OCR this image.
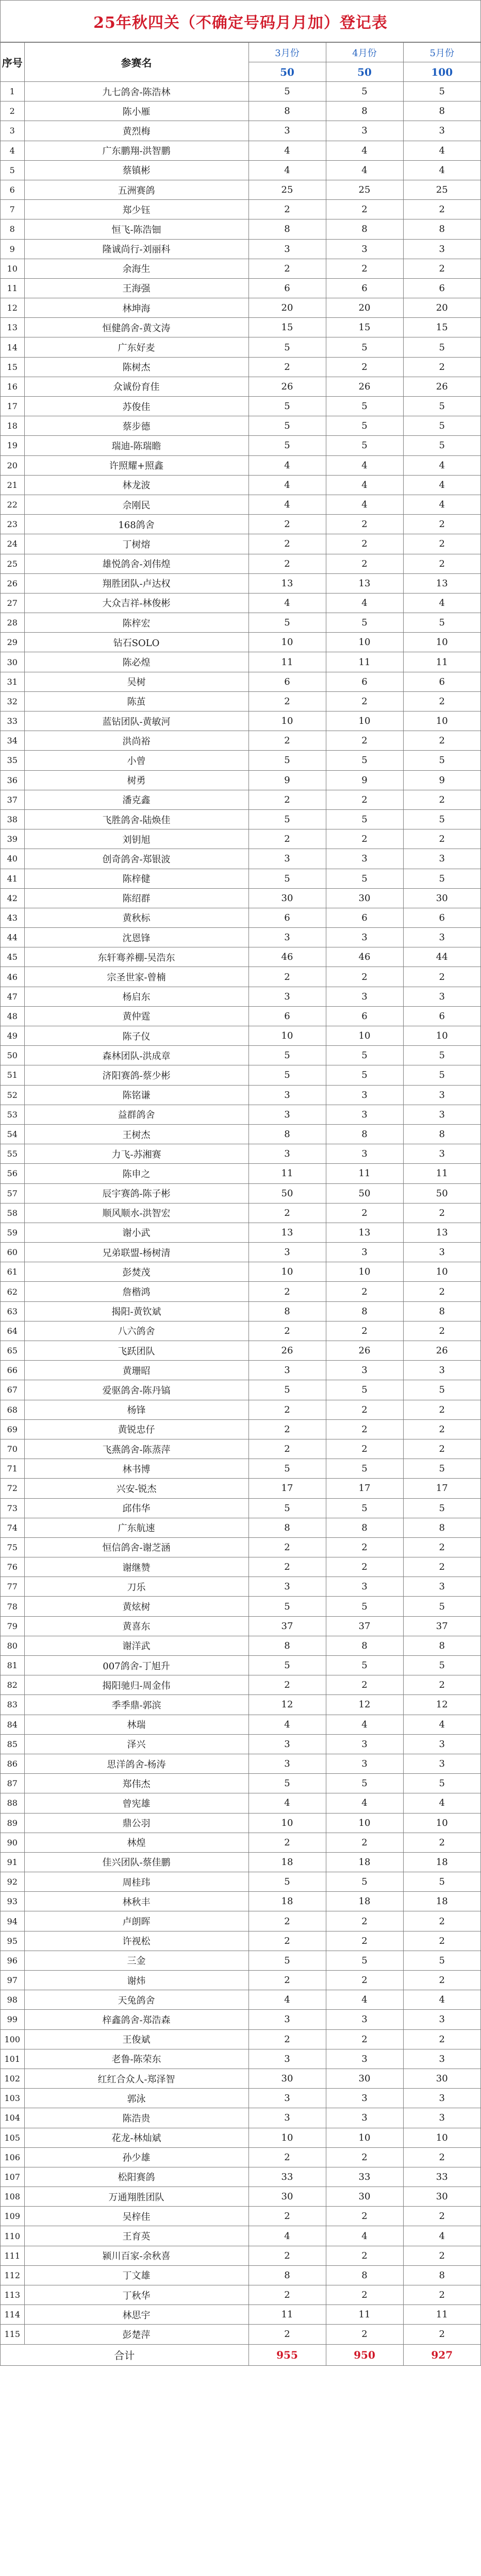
25年秋四关（不确定号码月月加）登记表
序号	参赛名	3月份	4月份	5月份
		50	50	100
1	九七鸽舍-陈浩林	5	5	5
2	陈小雁	8	8	8
3	黄烈梅	3	3	3
4	广东鹏翔-洪智鹏	4	4	4
5	蔡镇彬	4	4	4
6	五洲赛鸽	25	25	25
7	郑少钰	2	2	2
8	恒飞-陈浩钿	8	8	8
9	隆诚尚行-刘丽科	3	3	3
10	余海生	2	2	2
11	王海强	6	6	6
12	林坤海	20	20	20
13	恒健鸽舍-黄文涛	15	15	15
14	广东好麦	5	5	5
15	陈树杰	2	2	2
16	众诚份育佳	26	26	26
17	苏俊佳	5	5	5
18	蔡步德	5	5	5
19	瑞迪-陈瑞瞻	5	5	5
20	许照耀+照鑫	4	4	4
21	林龙波	4	4	4
22	佘刚民	4	4	4
23	168鸽舍	2	2	2
24	丁树熔	2	2	2
25	雄悦鸽舍-刘伟煌	2	2	2
26	翔胜团队-卢达权	13	13	13
27	大众吉祥-林俊彬	4	4	4
28	陈梓宏	5	5	5
29	钻石SOLO	10	10	10
30	陈必煌	11	11	11
31	吴树	6	6	6
32	陈茧	2	2	2
33	蓝钻团队-黄敏河	10	10	10
34	洪尚裕	2	2	2
35	小曾	5	5	5
36	树勇	9	9	9
37	潘克鑫	2	2	2
38	飞胜鸽舍-陆焕佳	5	5	5
39	刘钥旭	2	2	2
40	创奇鸽舍-郑银波	3	3	3
41	陈梓健	5	5	5
42	陈绍群	30	30	30
43	黄秋标	6	6	6
44	沈恩锋	3	3	3
45	东轩骞养棚-吴浩东	46	46	44
46	宗圣世家-曾楠	2	2	2
47	杨启东	3	3	3
48	黄仲霆	6	6	6
49	陈子仪	10	10	10
50	森林团队-洪成章	5	5	5
51	济阳赛鸽-蔡少彬	5	5	5
52	陈铭谦	3	3	3
53	益群鸽舍	3	3	3
54	王树杰	8	8	8
55	力飞-苏湘赛	3	3	3
56	陈申之	11	11	11
57	辰宇赛鸽-陈子彬	50	50	50
58	顺风顺水-洪智宏	2	2	2
59	谢小武	13	13	13
60	兄弟联盟-杨树清	3	3	3
61	彭焚茂	10	10	10
62	詹楷鸿	2	2	2
63	揭阳-黄钦斌	8	8	8
64	八六鸽舍	2	2	2
65	飞跃团队	26	26	26
66	黄珊昭	3	3	3
67	爱驱鸽舍-陈丹镐	5	5	5
68	杨锋	2	2	2
69	黄锐忠仔	2	2	2
70	飞燕鸽舍-陈蒸萍	2	2	2
71	林书博	5	5	5
72	兴安-锐杰	17	17	17
73	邱伟华	5	5	5
74	广东航速	8	8	8
75	恒信鸽舍-谢芝涵	2	2	2
76	谢继赞	2	2	2
77	刀乐	3	3	3
78	黄炫树	5	5	5
79	黄喜东	37	37	37
80	谢洋武	8	8	8
81	007鸽舍-丁旭升	5	5	5
82	揭阳驰归-周金伟	2	2	2
83	季季鼎-郭滨	12	12	12
84	林瑞	4	4	4
85	泽兴	3	3	3
86	思洋鸽舍-杨涛	3	3	3
87	郑伟杰	5	5	5
88	曾宪雄	4	4	4
89	鼎公羽	10	10	10
90	林煌	2	2	2
91	佳兴团队-蔡佳鹏	18	18	18
92	周桂玮	5	5	5
93	林秋丰	18	18	18
94	卢朗晖	2	2	2
95	许视松	2	2	2
96	三金	5	5	5
97	谢炜	2	2	2
98	天兔鸽舍	4	4	4
99	梓鑫鸽舍-郑浩森	3	3	3
100	王俊斌	2	2	2
101	老鲁-陈荣东	3	3	3
102	红红合众人-郑泽智	30	30	30
103	郭泳	3	3	3
104	陈浩贵	3	3	3
105	花龙-林灿斌	10	10	10
106	孙少雄	2	2	2
107	松阳赛鸽	33	33	33
108	万通翔胜团队	30	30	30
109	吴梓佳	2	2	2
110	王育英	4	4	4
111	颍川百家-余秋喜	2	2	2
112	丁文雄	8	8	8
113	丁秋华	2	2	2
114	林思宇	11	11	11
115	彭楚萍	2	2	2
合计		955	950	927
